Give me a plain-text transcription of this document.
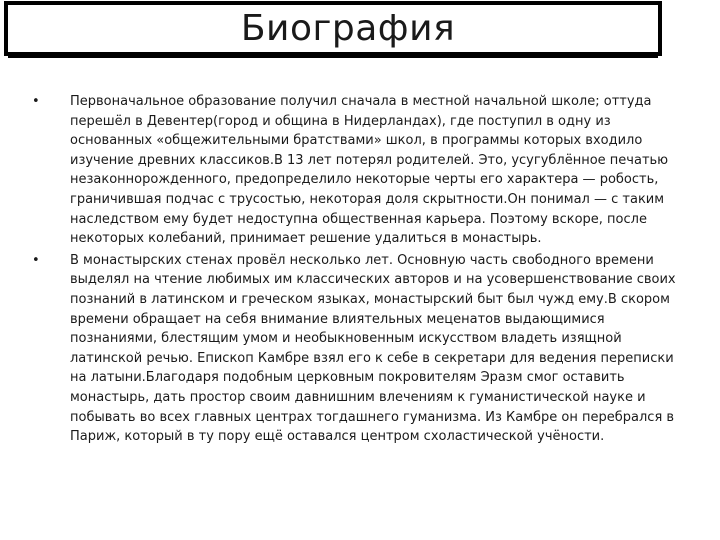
Биография
• Первоначальное образование получил сначала в местной начальной школе; оттуда перешёл в Девентер(город и община в Нидерландах), где поступил в одну из основанных «общежительными братствами» школ, в программы которых входило изучение древних классиков.В 13 лет потерял родителей. Это, усугублённое печатью незаконнорожденного, предопределило некоторые черты его характера — робость, граничившая подчас с трусостью, некоторая доля скрытности.Он понимал — с таким наследством ему будет недоступна общественная карьера. Поэтому вскоре, после некоторых колебаний, принимает решение удалиться в монастырь.
• В монастырских стенах провёл несколько лет. Основную часть свободного времени выделял на чтение любимых им классических авторов и на усовершенствование своих познаний в латинском и греческом языках, монастырский быт был чужд ему.В скором времени обращает на себя внимание влиятельных меценатов выдающимися познаниями, блестящим умом и необыкновенным искусством владеть изящной латинской речью. Епископ Камбре взял его к себе в секретари для ведения переписки на латыни.Благодаря подобным церковным покровителям Эразм смог оставить монастырь, дать простор своим давнишним влечениям к гуманистической науке и побывать во всех главных центрах тогдашнего гуманизма. Из Камбре он перебрался в Париж, который в ту пору ещё оставался центром схоластической учёности.
